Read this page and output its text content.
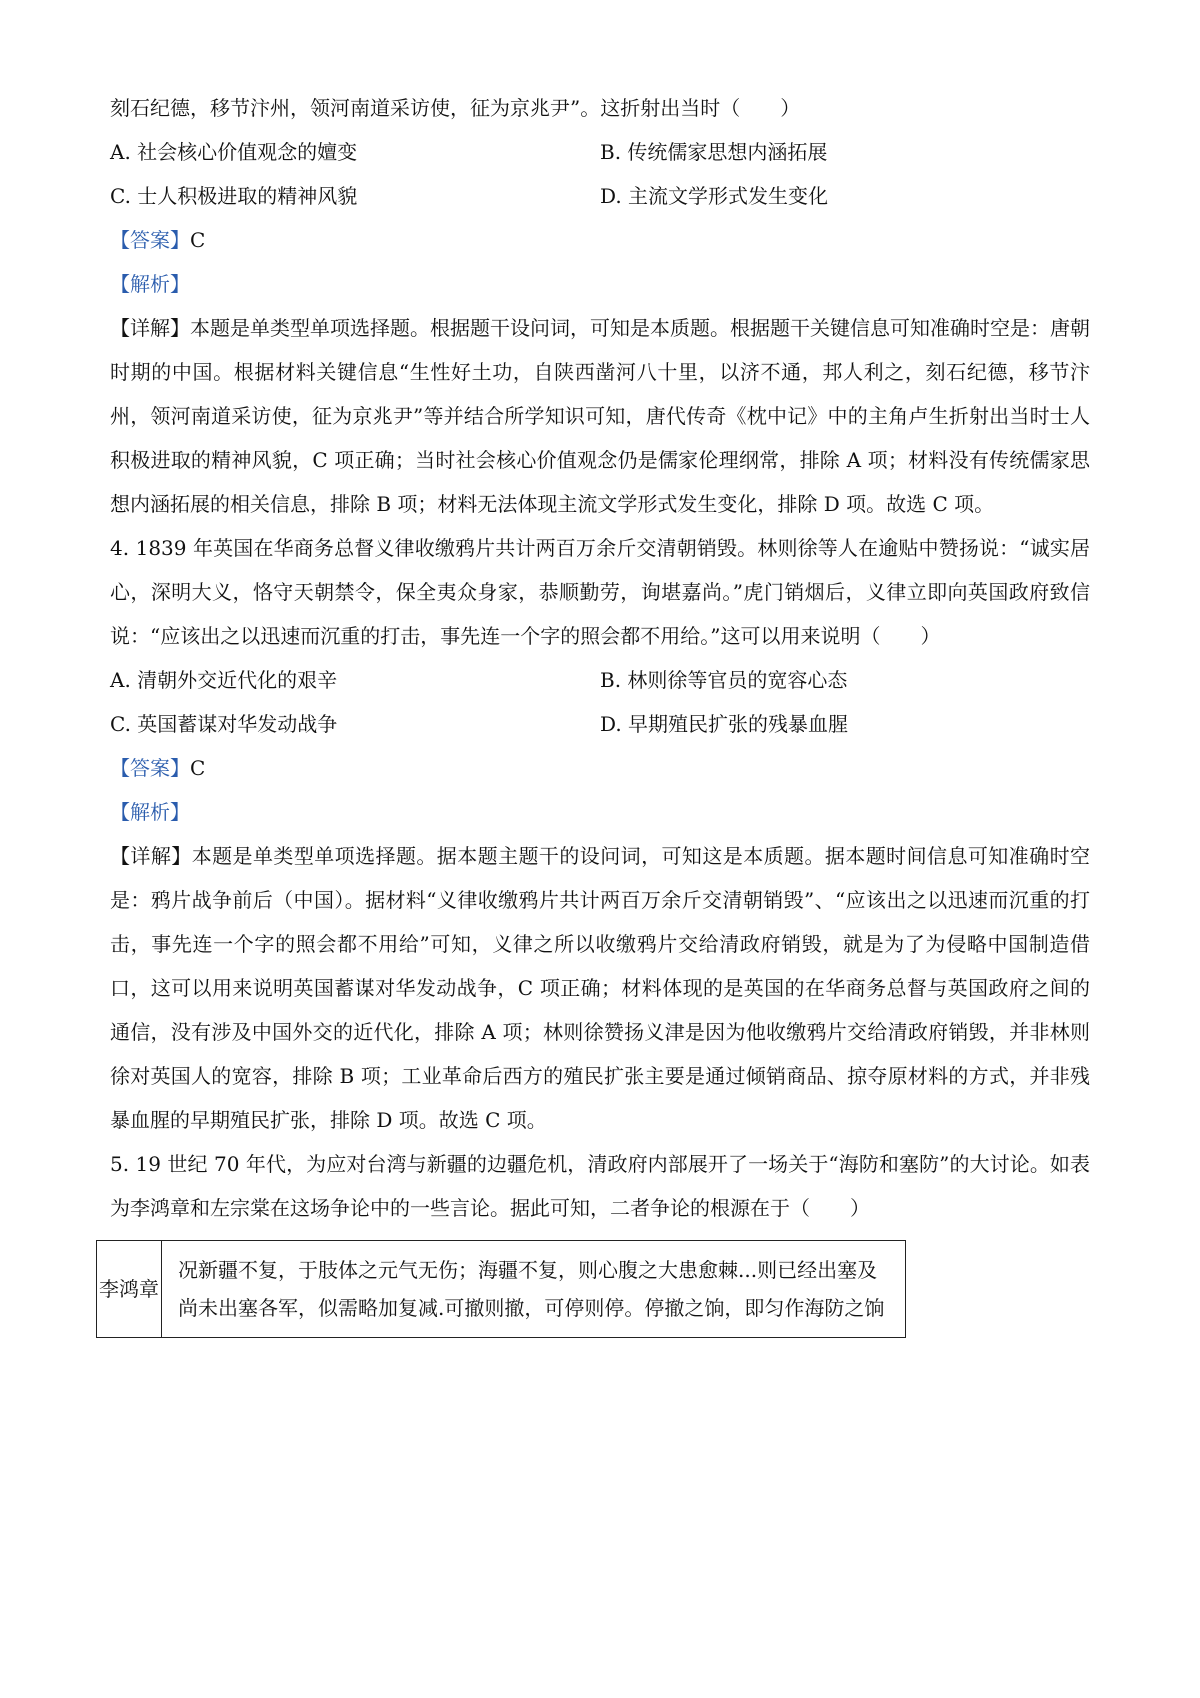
刻石纪德，移节汴州，领河南道采访使，征为京兆尹”。这折射出当时（　　）
A. 社会核心价值观念的嬗变	B. 传统儒家思想内涵拓展
C. 士人积极进取的精神风貌	D. 主流文学形式发生变化
【答案】C
【解析】

【详解】本题是单类型单项选择题。根据题干设问词，可知是本质题。根据题干关键信息可知准确时空是：唐朝时期的中国。根据材料关键信息“生性好土功，自陕西凿河八十里，以济不通，邦人利之，刻石纪德，移节汴州，领河南道采访使，征为京兆尹”等并结合所学知识可知，唐代传奇《枕中记》中的主角卢生折射出当时士人积极进取的精神风貌，C 项正确；当时社会核心价值观念仍是儒家伦理纲常，排除 A 项；材料没有传统儒家思想内涵拓展的相关信息，排除 B 项；材料无法体现主流文学形式发生变化，排除 D 项。故选 C 项。

4. 1839 年英国在华商务总督义律收缴鸦片共计两百万余斤交清朝销毁。林则徐等人在逾贴中赞扬说：“诚实居心，深明大义，恪守天朝禁令，保全夷众身家，恭顺勤劳，询堪嘉尚。”虎门销烟后，义律立即向英国政府致信说：“应该出之以迅速而沉重的打击，事先连一个字的照会都不用给。”这可以用来说明（　　）

A. 清朝外交近代化的艰辛	B. 林则徐等官员的宽容心态
C. 英国蓄谋对华发动战争	D. 早期殖民扩张的残暴血腥
【答案】C
【解析】

【详解】本题是单类型单项选择题。据本题主题干的设问词，可知这是本质题。据本题时间信息可知准确时空是：鸦片战争前后（中国）。据材料“义律收缴鸦片共计两百万余斤交清朝销毁”、“应该出之以迅速而沉重的打击，事先连一个字的照会都不用给”可知，义律之所以收缴鸦片交给清政府销毁，就是为了为侵略中国制造借口，这可以用来说明英国蓄谋对华发动战争，C 项正确；材料体现的是英国的在华商务总督与英国政府之间的通信，没有涉及中国外交的近代化，排除 A 项；林则徐赞扬义津是因为他收缴鸦片交给清政府销毁，并非林则徐对英国人的宽容，排除 B 项；工业革命后西方的殖民扩张主要是通过倾销商品、掠夺原材料的方式，并非残暴血腥的早期殖民扩张，排除 D 项。故选 C 项。

5. 19 世纪 70 年代，为应对台湾与新疆的边疆危机，清政府内部展开了一场关于“海防和塞防”的大讨论。如表为李鸿章和左宗棠在这场争论中的一些言论。据此可知，二者争论的根源在于（　　）

李鸿章	况新疆不复，于肢体之元气无伤；海疆不复，则心腹之大患愈棘...则已经出塞及尚未出塞各军，似需略加复减.可撤则撤，可停则停。停撤之饷，即匀作海防之饷
